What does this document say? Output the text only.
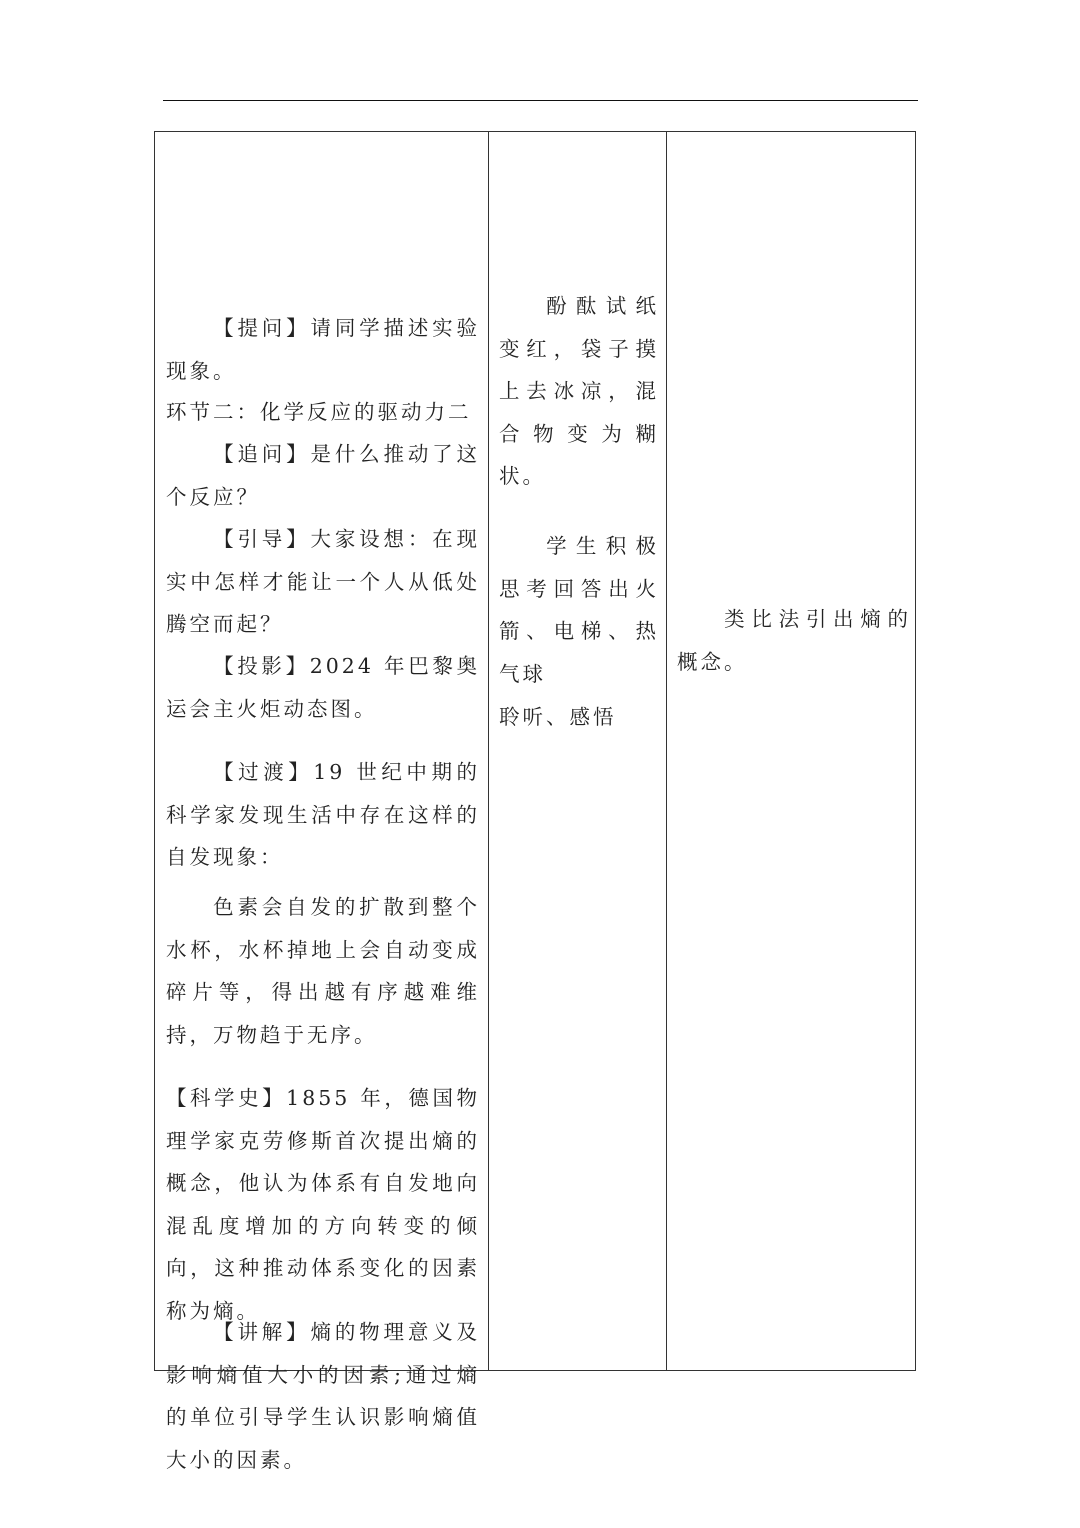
【提问】请同学描述实验现象。
环节二：化学反应的驱动力二
【追问】是什么推动了这个反应？
【引导】大家设想：在现实中怎样才能让一个人从低处腾空而起？
【投影】2024 年巴黎奥运会主火炬动态图。
【过渡】19 世纪中期的科学家发现生活中存在这样的自发现象：
色素会自发的扩散到整个水杯，水杯掉地上会自动变成碎片等，得出越有序越难维持，万物趋于无序。
【科学史】1855 年，德国物理学家克劳修斯首次提出熵的概念，他认为体系有自发地向混乱度增加的方向转变的倾向，这种推动体系变化的因素称为熵。
【讲解】熵的物理意义及影响熵值大小的因素;通过熵的单位引导学生认识影响熵值大小的因素。
酚酞试纸变红，袋子摸上去冰凉，混合物变为糊状。
学生积极思考回答出火箭、电梯、热气球
聆听、感悟
类比法引出熵的概念。
